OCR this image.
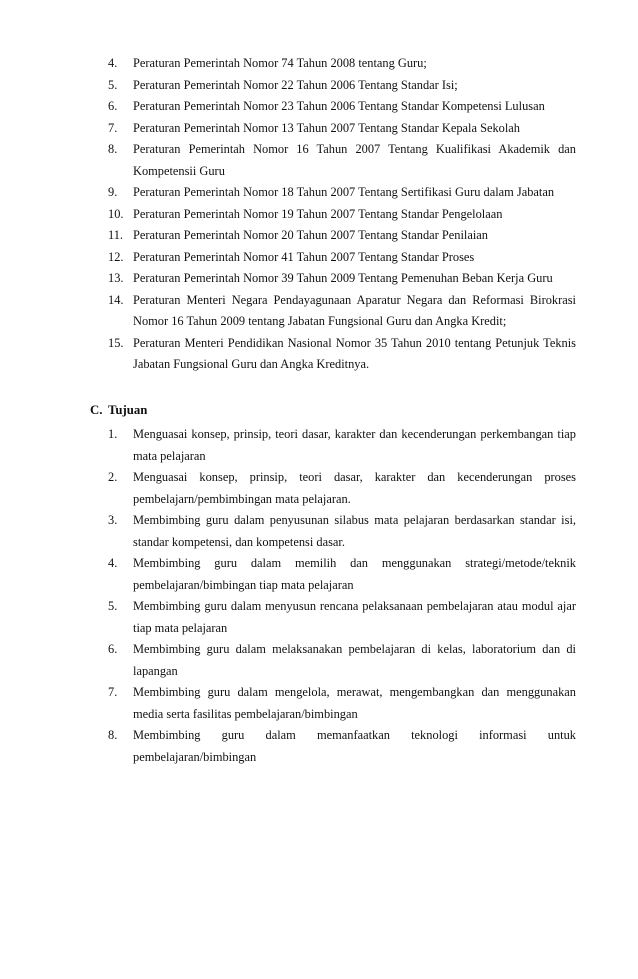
4. Peraturan Pemerintah Nomor 74 Tahun 2008 tentang Guru;
5. Peraturan Pemerintah Nomor 22 Tahun 2006 Tentang Standar Isi;
6. Peraturan Pemerintah Nomor 23 Tahun 2006 Tentang Standar Kompetensi Lulusan
7. Peraturan Pemerintah Nomor 13 Tahun 2007 Tentang Standar Kepala Sekolah
8. Peraturan Pemerintah Nomor 16 Tahun 2007 Tentang Kualifikasi Akademik dan Kompetensii Guru
9. Peraturan Pemerintah Nomor 18 Tahun 2007 Tentang Sertifikasi Guru dalam Jabatan
10. Peraturan Pemerintah Nomor 19 Tahun 2007 Tentang Standar Pengelolaan
11. Peraturan Pemerintah Nomor 20 Tahun 2007 Tentang Standar Penilaian
12. Peraturan Pemerintah Nomor 41 Tahun 2007 Tentang Standar Proses
13. Peraturan Pemerintah Nomor 39 Tahun 2009 Tentang Pemenuhan Beban Kerja Guru
14. Peraturan Menteri Negara Pendayagunaan Aparatur Negara dan Reformasi Birokrasi Nomor 16 Tahun 2009 tentang Jabatan Fungsional Guru dan Angka Kredit;
15. Peraturan Menteri Pendidikan Nasional Nomor 35 Tahun 2010 tentang Petunjuk Teknis Jabatan Fungsional Guru dan Angka Kreditnya.
C. Tujuan
1. Menguasai konsep, prinsip, teori dasar, karakter dan kecenderungan perkembangan tiap mata pelajaran
2. Menguasai konsep, prinsip, teori dasar, karakter dan kecenderungan proses pembelajarn/pembimbingan mata pelajaran.
3. Membimbing guru dalam penyusunan silabus mata pelajaran berdasarkan standar isi, standar kompetensi, dan kompetensi dasar.
4. Membimbing guru dalam memilih dan menggunakan strategi/metode/teknik pembelajaran/bimbingan tiap mata pelajaran
5. Membimbing guru dalam menyusun rencana pelaksanaan pembelajaran atau modul ajar tiap mata pelajaran
6. Membimbing guru dalam melaksanakan pembelajaran di kelas, laboratorium dan di lapangan
7. Membimbing guru dalam mengelola, merawat, mengembangkan dan menggunakan media serta fasilitas pembelajaran/bimbingan
8. Membimbing guru dalam memanfaatkan teknologi informasi untuk pembelajaran/bimbingan
